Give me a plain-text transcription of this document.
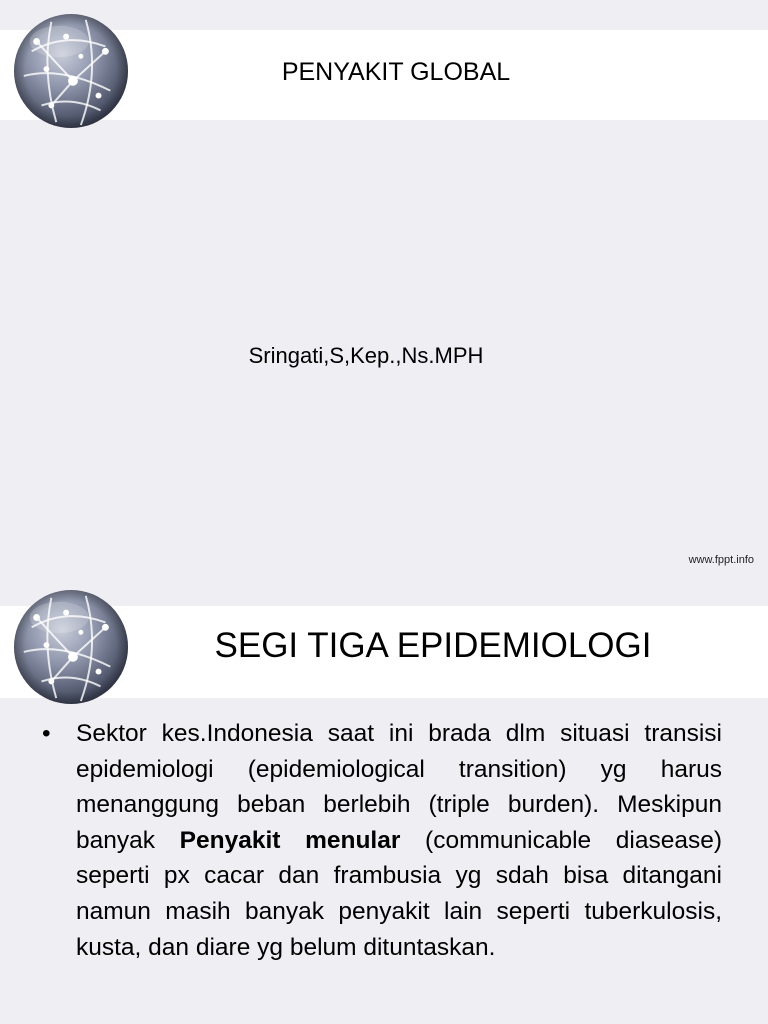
PENYAKIT GLOBAL
Sringati,S,Kep.,Ns.MPH
www.fppt.info
SEGI TIGA EPIDEMIOLOGI
•	Sektor kes.Indonesia saat ini brada dlm situasi transisi epidemiologi (epidemiological transition) yg harus menanggung beban berlebih (triple burden). Meskipun banyak Penyakit menular (communicable diasease) seperti px cacar dan frambusia yg sdah bisa ditangani namun masih banyak penyakit lain seperti tuberkulosis, kusta, dan diare yg belum dituntaskan.
